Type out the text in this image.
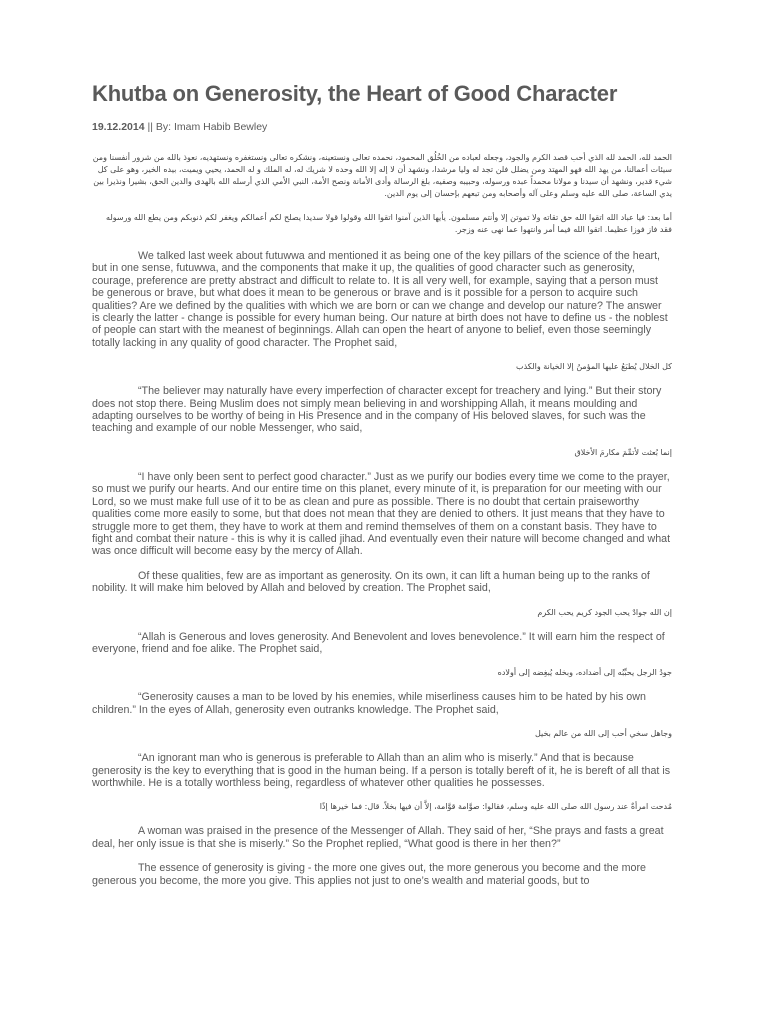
Khutba on Generosity, the Heart of Good Character
19.12.2014 || By: Imam Habib Bewley

الحمد لله، الحمد لله الذي أحب قصد الكرم والجود، وجعله لعباده من الخُلُق المحمود، نحمده تعالى ونستعينه، ونشكره تعالى ونستغفره ونستهديه، نعوذ بالله من شرور أنفسنا ومن سيئات أعمالنا، من يهد الله فهو المهتد ومن يضلل فلن تجد له وليا مرشدا، ونشهد أن لا إله إلا الله وحده لا شريك له، له الملك و له الحمد، يحيي ويميت، بيده الخير، وهو على كل شيء قدير، ونشهد أن سيدنا و مولانا محمداً عبده ورسوله، وحبيبه وصفيه، بلغ الرسالة وأدى الأمانة ونصح الأمة، النبي الأمي الذي أرسله الله بالهدى والدين الحق، بشيرا ونذيرا بين يدي الساعة، صلى الله عليه وسلم وعلى آله وأصحابه ومن تبعهم بإحسان إلى يوم الدين.

أما بعد: فيا عباد الله اتقوا الله حق تقاته ولا تموتن إلا وأنتم مسلمون. يأيها الذين آمنوا اتقوا الله وقولوا قولا سديدا يصلح لكم أعمالكم ويغفر لكم ذنوبكم ومن يطع الله ورسوله فقد فاز فوزا عظيما. اتقوا الله فيما أمر وانتهوا عما نهى عنه وزجر.

We talked last week about futuwwa and mentioned it as being one of the key pillars of the science of the heart, but in one sense, futuwwa, and the components that make it up, the qualities of good character such as generosity, courage, preference are pretty abstract and difficult to relate to. It is all very well, for example, saying that a person must be generous or brave, but what does it mean to be generous or brave and is it possible for a person to acquire such qualities? Are we defined by the qualities with which we are born or can we change and develop our nature? The answer is clearly the latter - change is possible for every human being. Our nature at birth does not have to define us - the noblest of people can start with the meanest of beginnings. Allah can open the heart of anyone to belief, even those seemingly totally lacking in any quality of good character. The Prophet said,

كل الخلال يُطبَعُ عليها المؤمنُ إلا الخيانة والكذب

“The believer may naturally have every imperfection of character except for treachery and lying.” But their story does not stop there. Being Muslim does not simply mean believing in and worshipping Allah, it means moulding and adapting ourselves to be worthy of being in His Presence and in the company of His beloved slaves, for such was the teaching and example of our noble Messenger, who said,

إنما بُعثت لأتمِّمَ مكارمَ الأخلاق

“I have only been sent to perfect good character.” Just as we purify our bodies every time we come to the prayer, so must we purify our hearts. And our entire time on this planet, every minute of it, is preparation for our meeting with our Lord, so we must make full use of it to be as clean and pure as possible. There is no doubt that certain praiseworthy qualities come more easily to some, but that does not mean that they are denied to others. It just means that they have to struggle more to get them, they have to work at them and remind themselves of them on a constant basis. They have to fight and combat their nature - this is why it is called jihad. And eventually even their nature will become changed and what was once difficult will become easy by the mercy of Allah.

Of these qualities, few are as important as generosity. On its own, it can lift a human being up to the ranks of nobility. It will make him beloved by Allah and beloved by creation. The Prophet said,

إن الله جوادٌ يحب الجود كريم يحب الكرم

“Allah is Generous and loves generosity. And Benevolent and loves benevolence.” It will earn him the respect of everyone, friend and foe alike. The Prophet said,

جودُ الرجل يحبِّبُه إلى أضداده، وبخله يُبغِضه إلى أولاده

“Generosity causes a man to be loved by his enemies, while miserliness causes him to be hated by his own children.” In the eyes of Allah, generosity even outranks knowledge. The Prophet said,

وجاهل سخي أحب إلى الله من عالم بخيل

“An ignorant man who is generous is preferable to Allah than an alim who is miserly.” And that is because generosity is the key to everything that is good in the human being. If a person is totally bereft of it, he is bereft of all that is worthwhile. He is a totally worthless being, regardless of whatever other qualities he possesses.

مُدحت امرأةٌ عند رسول الله صلى الله عليه وسلم، فقالوا: صوَّامة قوَّامة، إلاَّ أن فيها بخلاً. قال: فما خيرها إذًا

A woman was praised in the presence of the Messenger of Allah. They said of her, “She prays and fasts a great deal, her only issue is that she is miserly.” So the Prophet replied, “What good is there in her then?”

The essence of generosity is giving - the more one gives out, the more generous you become and the more generous you become, the more you give. This applies not just to one’s wealth and material goods, but to
